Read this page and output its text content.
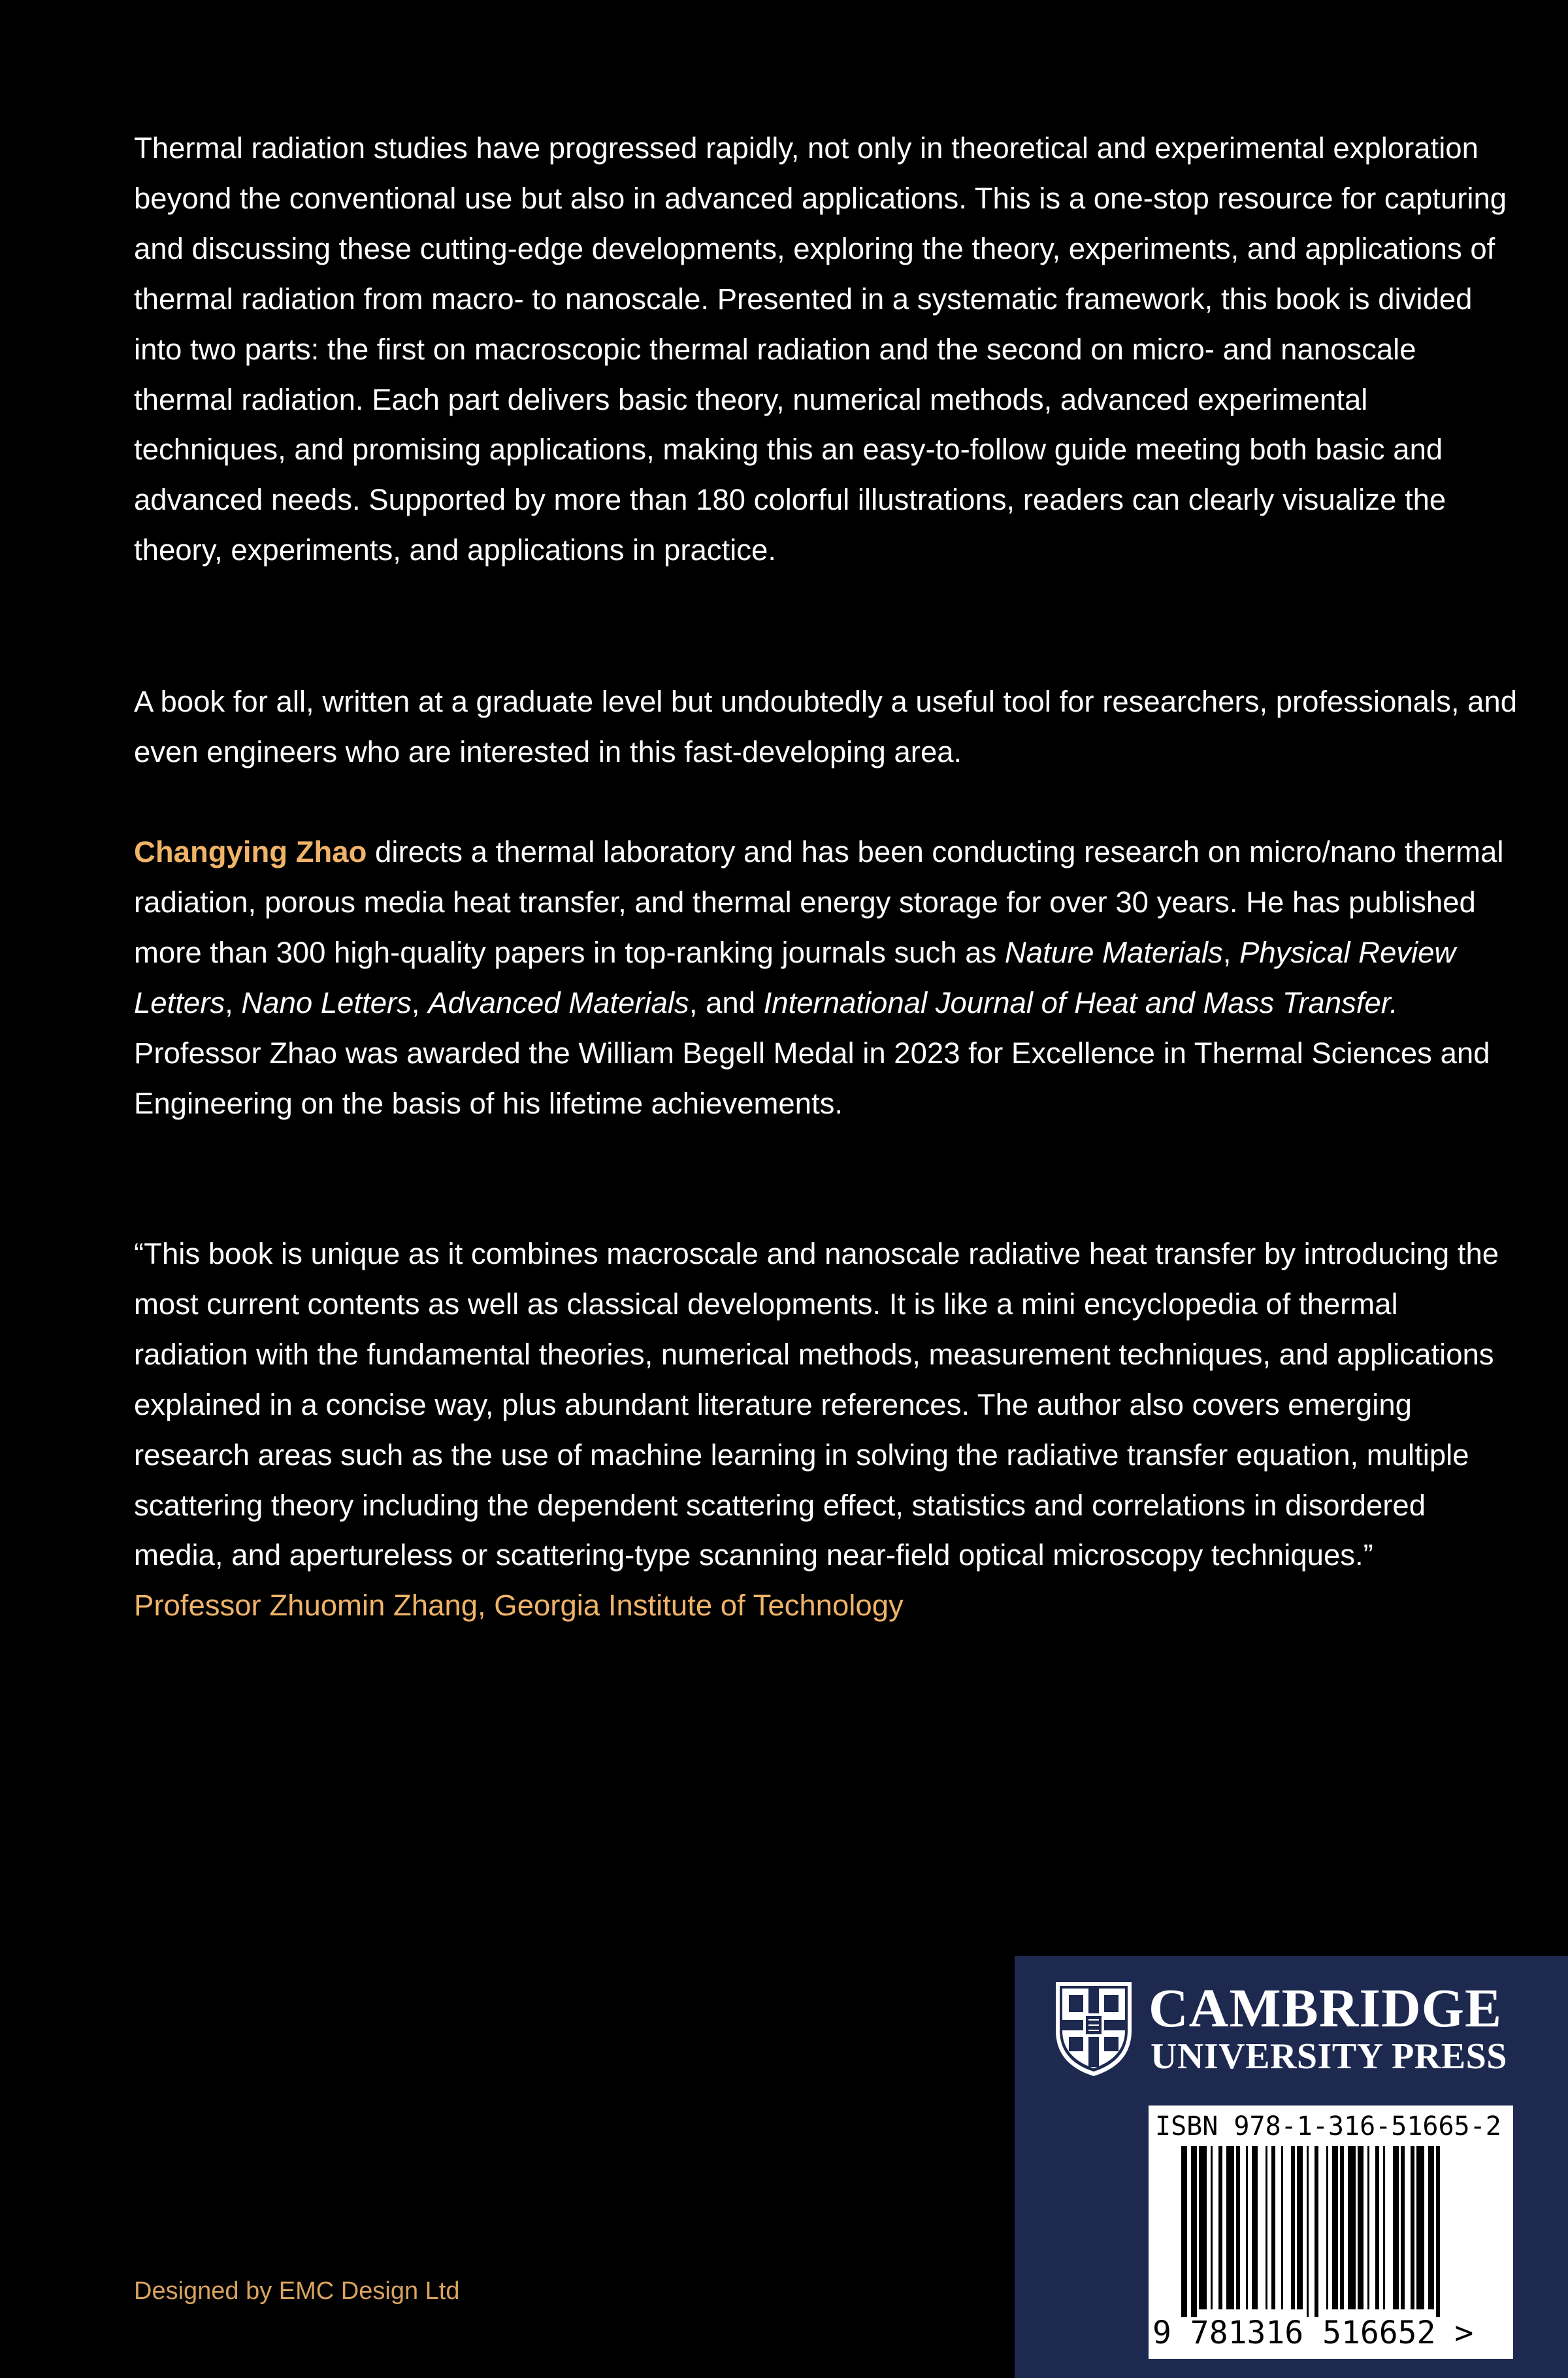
Thermal radiation studies have progressed rapidly, not only in theoretical and experimental exploration beyond the conventional use but also in advanced applications. This is a one-stop resource for capturing and discussing these cutting-edge developments, exploring the theory, experiments, and applications of thermal radiation from macro- to nanoscale. Presented in a systematic framework, this book is divided into two parts: the first on macroscopic thermal radiation and the second on micro- and nanoscale thermal radiation. Each part delivers basic theory, numerical methods, advanced experimental techniques, and promising applications, making this an easy-to-follow guide meeting both basic and advanced needs. Supported by more than 180 colorful illustrations, readers can clearly visualize the theory, experiments, and applications in practice.

A book for all, written at a graduate level but undoubtedly a useful tool for researchers, professionals, and even engineers who are interested in this fast-developing area.

Changying Zhao directs a thermal laboratory and has been conducting research on micro/nano thermal radiation, porous media heat transfer, and thermal energy storage for over 30 years. He has published more than 300 high-quality papers in top-ranking journals such as Nature Materials, Physical Review Letters, Nano Letters, Advanced Materials, and International Journal of Heat and Mass Transfer. Professor Zhao was awarded the William Begell Medal in 2023 for Excellence in Thermal Sciences and Engineering on the basis of his lifetime achievements.

“This book is unique as it combines macroscale and nanoscale radiative heat transfer by introducing the most current contents as well as classical developments. It is like a mini encyclopedia of thermal radiation with the fundamental theories, numerical methods, measurement techniques, and applications explained in a concise way, plus abundant literature references. The author also covers emerging research areas such as the use of machine learning in solving the radiative transfer equation, multiple scattering theory including the dependent scattering effect, statistics and correlations in disordered media, and apertureless or scattering-type scanning near-field optical microscopy techniques.”
Professor Zhuomin Zhang, Georgia Institute of Technology

Designed by EMC Design Ltd
CAMBRIDGE
UNIVERSITY PRESS
ISBN 978-1-316-51665-2
9 781316 516652 >
